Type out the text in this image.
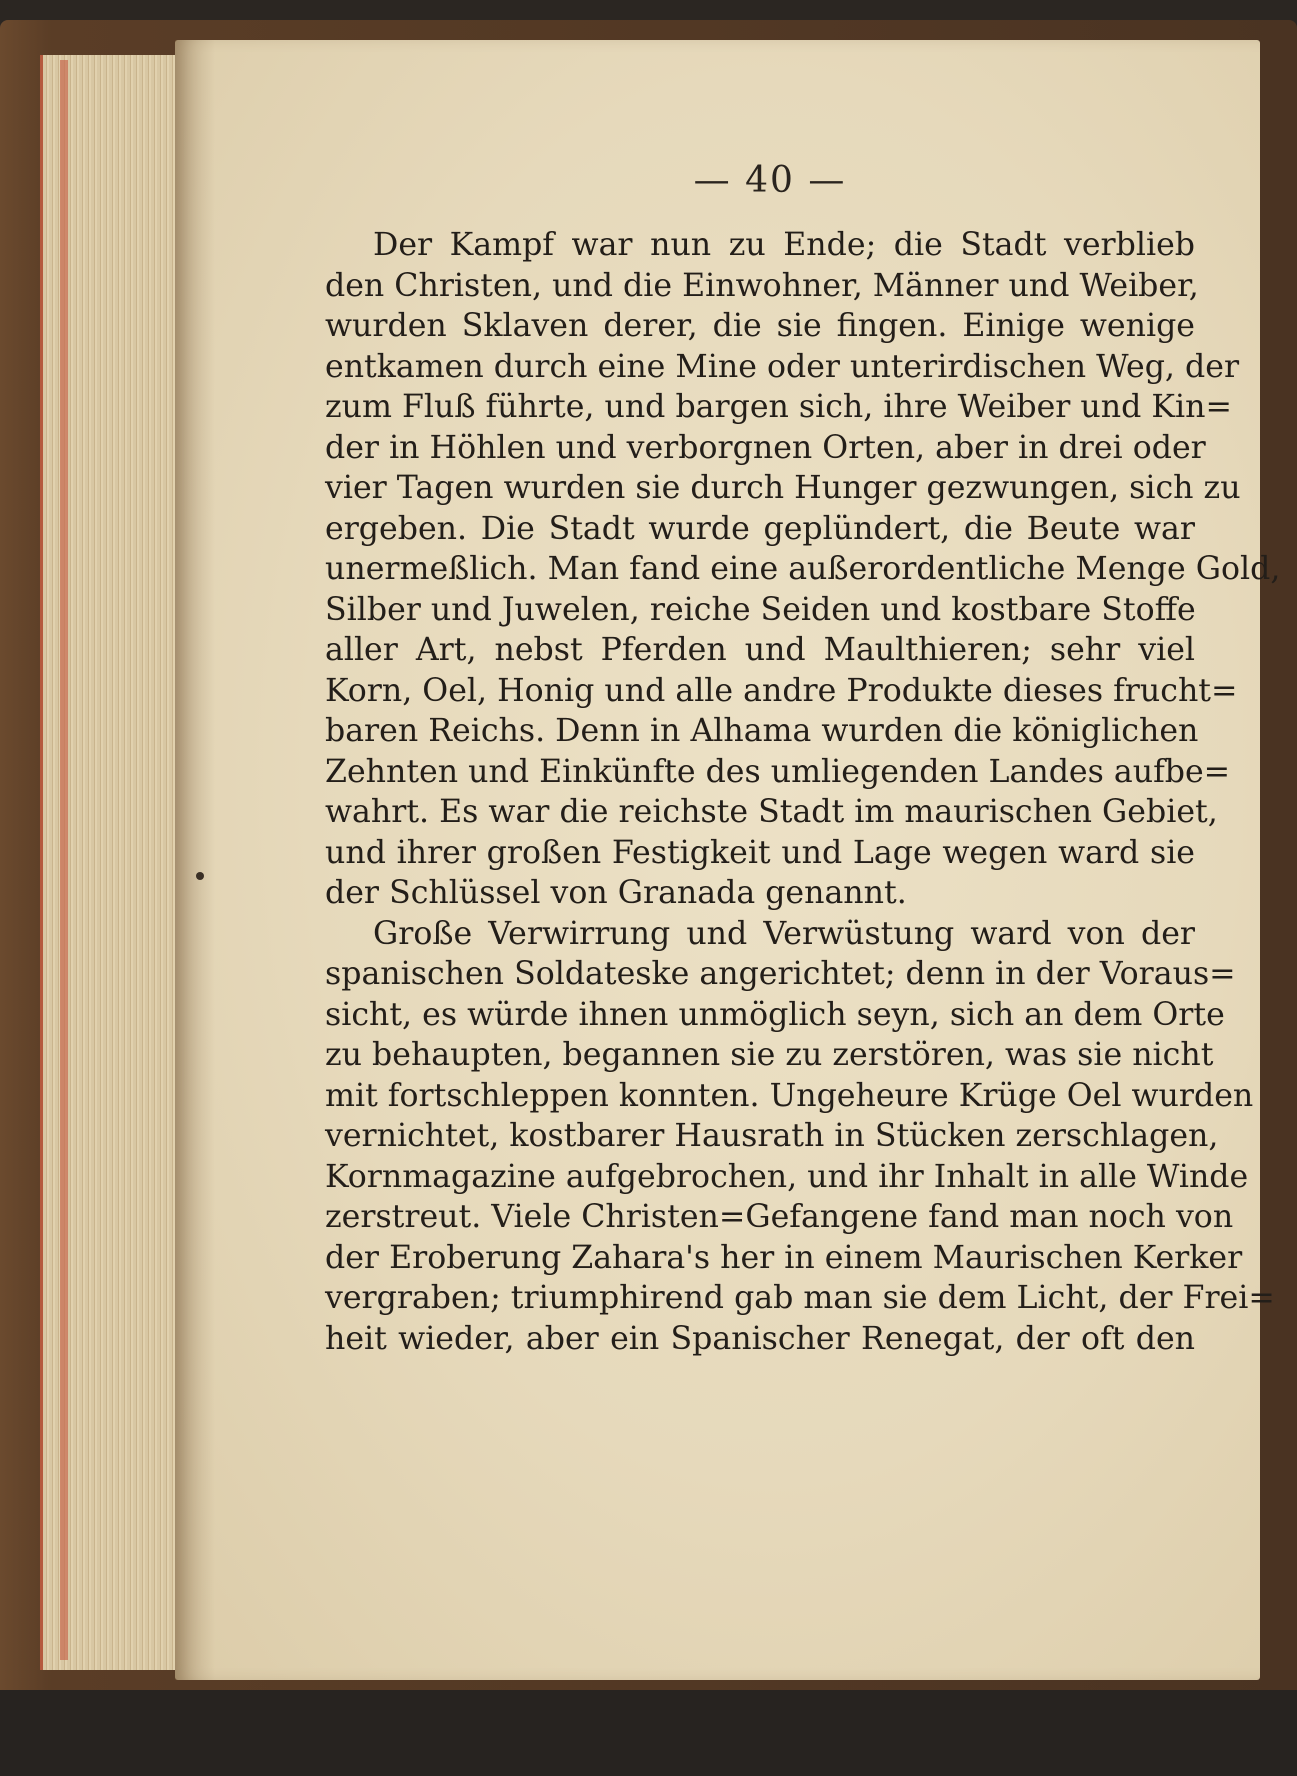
— 40 —

Der Kampf war nun zu Ende; die Stadt verblieb
den Christen, und die Einwohner, Männer und Weiber,
wurden Sklaven derer, die sie fingen. Einige wenige
entkamen durch eine Mine oder unterirdischen Weg, der
zum Fluß führte, und bargen sich, ihre Weiber und Kin=
der in Höhlen und verborgnen Orten, aber in drei oder
vier Tagen wurden sie durch Hunger gezwungen, sich zu
ergeben. Die Stadt wurde geplündert, die Beute war
unermeßlich. Man fand eine außerordentliche Menge Gold,
Silber und Juwelen, reiche Seiden und kostbare Stoffe
aller Art, nebst Pferden und Maulthieren; sehr viel
Korn, Oel, Honig und alle andre Produkte dieses frucht=
baren Reichs. Denn in Alhama wurden die königlichen
Zehnten und Einkünfte des umliegenden Landes aufbe=
wahrt. Es war die reichste Stadt im maurischen Gebiet,
und ihrer großen Festigkeit und Lage wegen ward sie
der Schlüssel von Granada genannt.

Große Verwirrung und Verwüstung ward von der
spanischen Soldateske angerichtet; denn in der Voraus=
sicht, es würde ihnen unmöglich seyn, sich an dem Orte
zu behaupten, begannen sie zu zerstören, was sie nicht
mit fortschleppen konnten. Ungeheure Krüge Oel wurden
vernichtet, kostbarer Hausrath in Stücken zerschlagen,
Kornmagazine aufgebrochen, und ihr Inhalt in alle Winde
zerstreut. Viele Christen=Gefangene fand man noch von
der Eroberung Zahara's her in einem Maurischen Kerker
vergraben; triumphirend gab man sie dem Licht, der Frei=
heit wieder, aber ein Spanischer Renegat, der oft den
